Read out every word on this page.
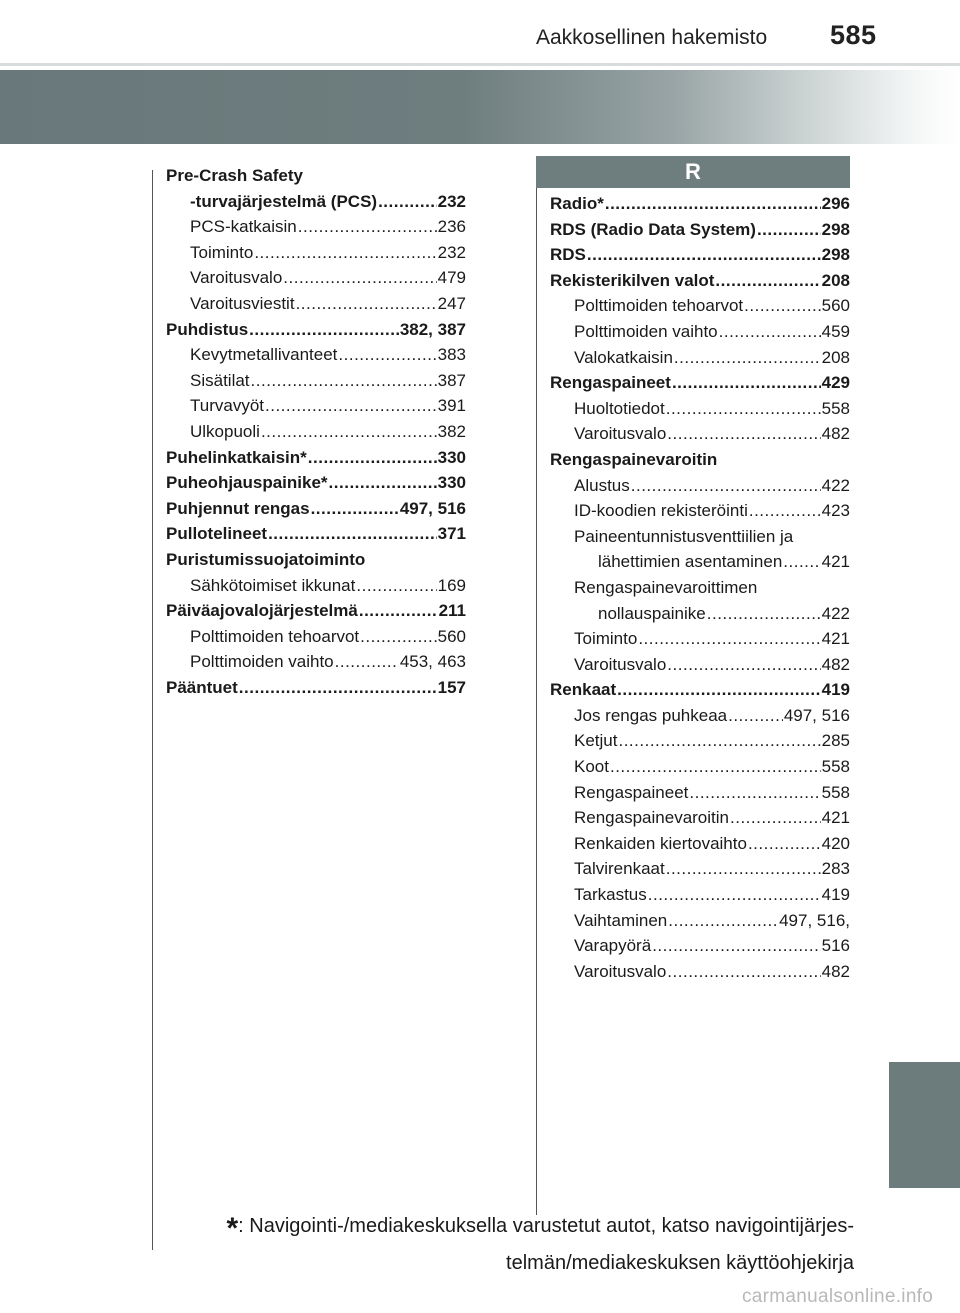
Aakkosellinen hakemisto 585
Pre-Crash Safety
-turvajärjestelmä (PCS) .....	232
PCS-katkaisin .....	236
Toiminto .....	232
Varoitusvalo .....	479
Varoitusviestit .....	247
Puhdistus .....	382, 387
Kevytmetallivanteet .....	383
Sisätilat .....	387
Turvavyöt .....	391
Ulkopuoli .....	382
Puhelinkatkaisin* .....	330
Puheohjauspainike* .....	330
Puhjennut rengas .....	497, 516
Pullotelineet .....	371
Puristumissuojatoiminto
Sähkötoimiset ikkunat .....	169
Päiväajovalojärjestelmä .....	211
Polttimoiden tehoarvot .....	560
Polttimoiden vaihto .....	453, 463
Pääntuet .....	157
R
Radio* .....	296
RDS (Radio Data System) .....	298
RDS .....	298
Rekisterikilven valot .....	208
Polttimoiden tehoarvot .....	560
Polttimoiden vaihto .....	459
Valokatkaisin .....	208
Rengaspaineet .....	429
Huoltotiedot .....	558
Varoitusvalo .....	482
Rengaspainevaroitin
Alustus .....	422
ID-koodien rekisteröinti .....	423
Paineentunnistusventtiilien ja
lähettimien asentaminen ..... 421
Rengaspainevaroittimen
nollauspainike .....	422
Toiminto .....	421
Varoitusvalo .....	482
Renkaat .....	419
Jos rengas puhkeaa .....	497, 516
Ketjut .....	285
Koot .....	558
Rengaspaineet .....	558
Rengaspainevaroitin .....	421
Renkaiden kiertovaihto .....	420
Talvirenkaat .....	283
Tarkastus .....	419
Vaihtaminen .....	497, 516,
Varapyörä .....	516
Varoitusvalo .....	482
*: Navigointi-/mediakeskuksella varustetut autot, katso navigointijärjes-
telmän/mediakeskuksen käyttöohjekirja
carmanualsonline.info
